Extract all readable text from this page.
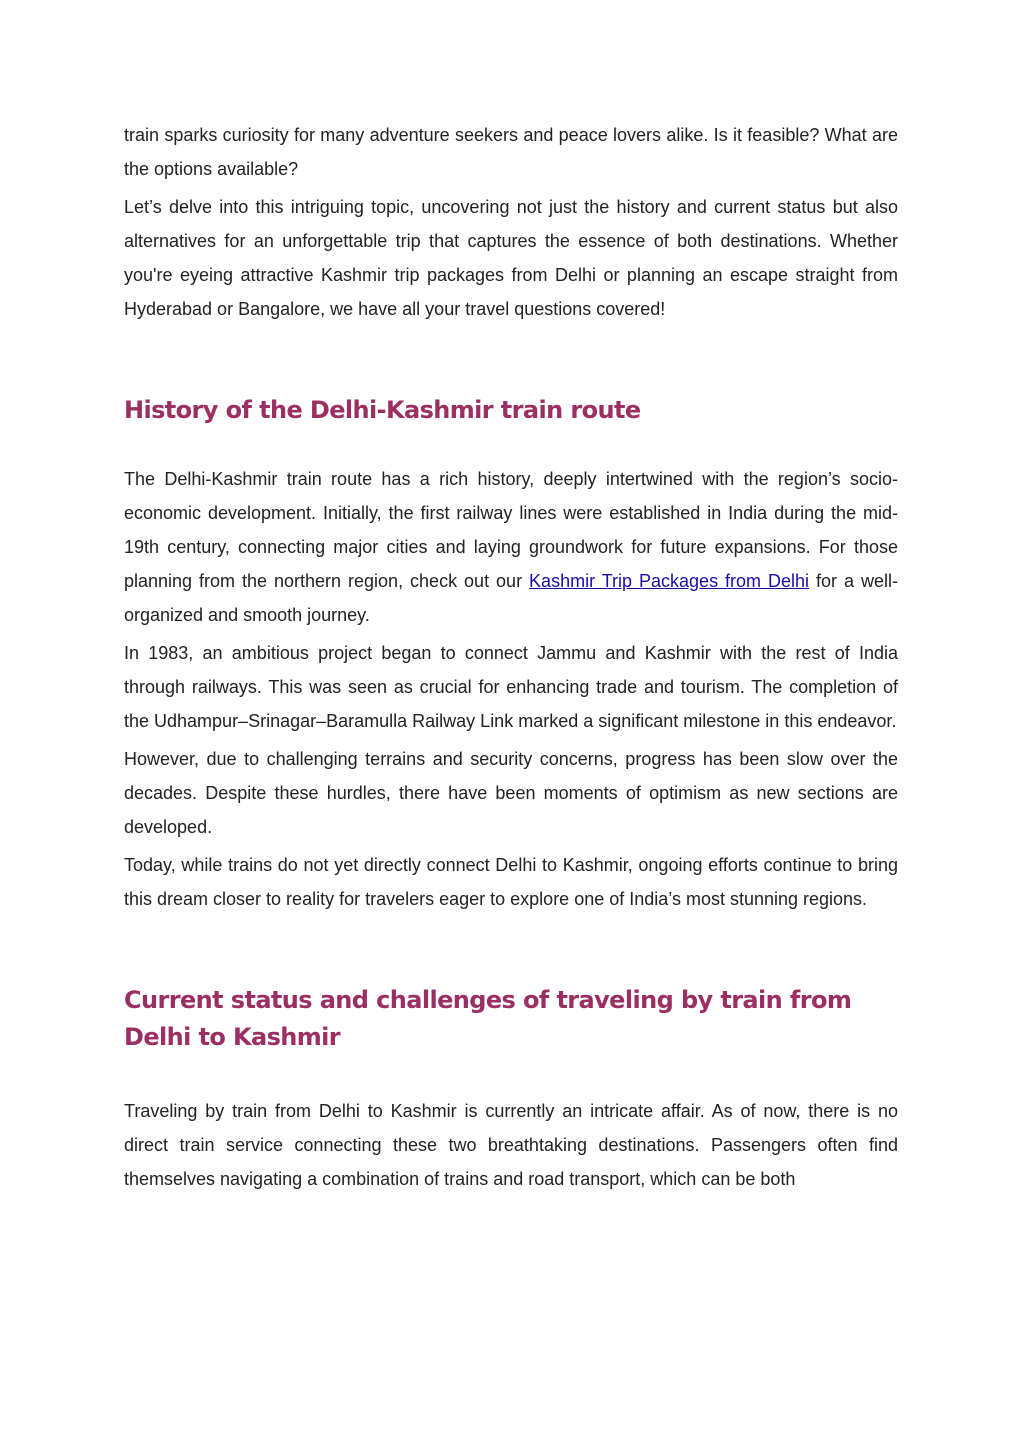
train sparks curiosity for many adventure seekers and peace lovers alike. Is it feasible? What are the options available?

Let’s delve into this intriguing topic, uncovering not just the history and current status but also alternatives for an unforgettable trip that captures the essence of both destinations. Whether you're eyeing attractive Kashmir trip packages from Delhi or planning an escape straight from Hyderabad or Bangalore, we have all your travel questions covered!

History of the Delhi-Kashmir train route

The Delhi-Kashmir train route has a rich history, deeply intertwined with the region’s socio-economic development. Initially, the first railway lines were established in India during the mid-19th century, connecting major cities and laying groundwork for future expansions. For those planning from the northern region, check out our Kashmir Trip Packages from Delhi for a well-organized and smooth journey.

In 1983, an ambitious project began to connect Jammu and Kashmir with the rest of India through railways. This was seen as crucial for enhancing trade and tourism. The completion of the Udhampur–Srinagar–Baramulla Railway Link marked a significant milestone in this endeavor.

However, due to challenging terrains and security concerns, progress has been slow over the decades. Despite these hurdles, there have been moments of optimism as new sections are developed.

Today, while trains do not yet directly connect Delhi to Kashmir, ongoing efforts continue to bring this dream closer to reality for travelers eager to explore one of India’s most stunning regions.

Current status and challenges of traveling by train from Delhi to Kashmir

Traveling by train from Delhi to Kashmir is currently an intricate affair. As of now, there is no direct train service connecting these two breathtaking destinations. Passengers often find themselves navigating a combination of trains and road transport, which can be both
